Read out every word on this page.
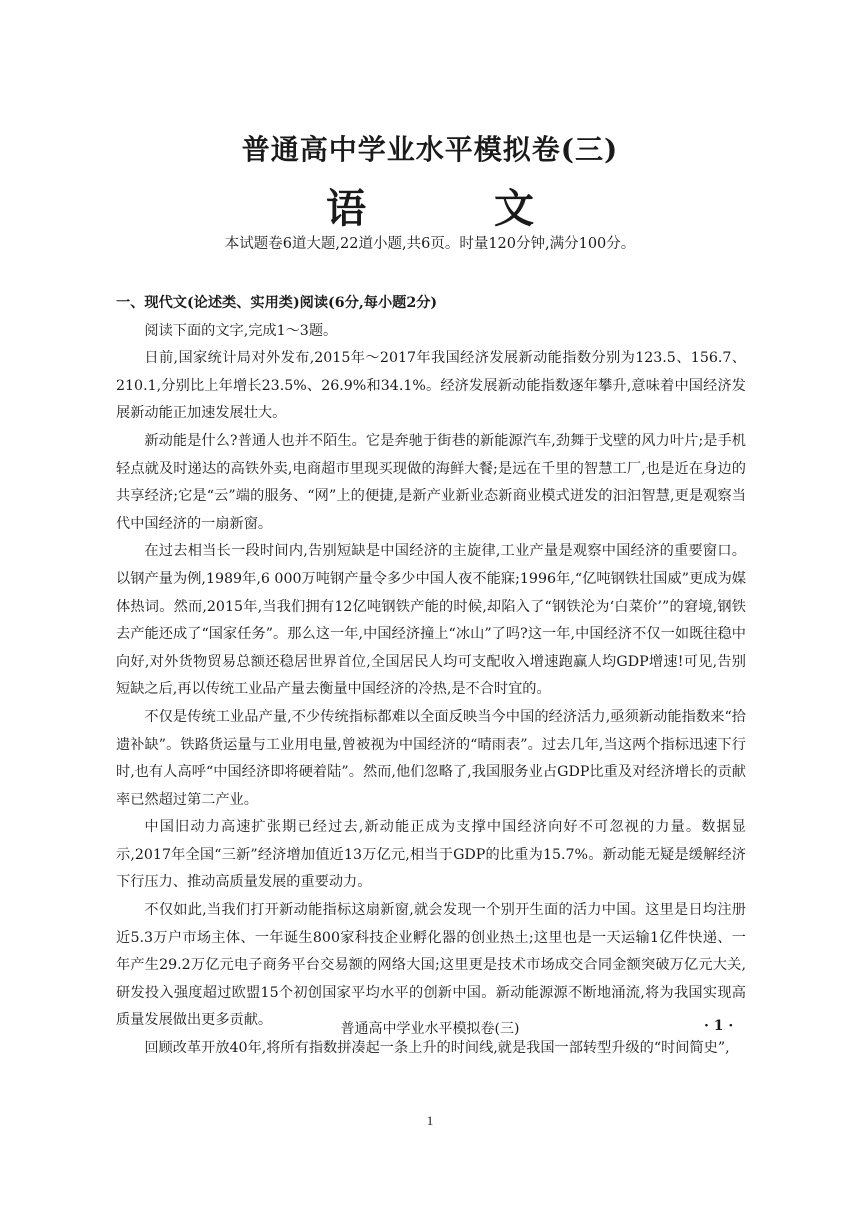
普通高中学业水平模拟卷(三)
语　文
本试题卷6道大题,22道小题,共6页。时量120分钟,满分100分。
一、现代文(论述类、实用类)阅读(6分,每小题2分)

阅读下面的文字,完成1～3题。

日前,国家统计局对外发布,2015年～2017年我国经济发展新动能指数分别为123.5、156.7、210.1,分别比上年增长23.5%、26.9%和34.1%。经济发展新动能指数逐年攀升,意味着中国经济发展新动能正加速发展壮大。

新动能是什么?普通人也并不陌生。它是奔驰于街巷的新能源汽车,劲舞于戈壁的风力叶片;是手机轻点就及时递达的高铁外卖,电商超市里现买现做的海鲜大餐;是远在千里的智慧工厂,也是近在身边的共享经济;它是“云”端的服务、“网”上的便捷,是新产业新业态新商业模式迸发的汩汩智慧,更是观察当代中国经济的一扇新窗。

在过去相当长一段时间内,告别短缺是中国经济的主旋律,工业产量是观察中国经济的重要窗口。以钢产量为例,1989年,6 000万吨钢产量令多少中国人夜不能寐;1996年,“亿吨钢铁壮国威”更成为媒体热词。然而,2015年,当我们拥有12亿吨钢铁产能的时候,却陷入了“钢铁沦为‘白菜价’”的窘境,钢铁去产能还成了“国家任务”。那么这一年,中国经济撞上“冰山”了吗?这一年,中国经济不仅一如既往稳中向好,对外货物贸易总额还稳居世界首位,全国居民人均可支配收入增速跑赢人均GDP增速!可见,告别短缺之后,再以传统工业品产量去衡量中国经济的冷热,是不合时宜的。

不仅是传统工业品产量,不少传统指标都难以全面反映当今中国的经济活力,亟须新动能指数来“拾遗补缺”。铁路货运量与工业用电量,曾被视为中国经济的“晴雨表”。过去几年,当这两个指标迅速下行时,也有人高呼“中国经济即将硬着陆”。然而,他们忽略了,我国服务业占GDP比重及对经济增长的贡献率已然超过第二产业。

中国旧动力高速扩张期已经过去,新动能正成为支撑中国经济向好不可忽视的力量。数据显示,2017年全国“三新”经济增加值近13万亿元,相当于GDP的比重为15.7%。新动能无疑是缓解经济下行压力、推动高质量发展的重要动力。

不仅如此,当我们打开新动能指标这扇新窗,就会发现一个别开生面的活力中国。这里是日均注册近5.3万户市场主体、一年诞生800家科技企业孵化器的创业热土;这里也是一天运输1亿件快递、一年产生29.2万亿元电子商务平台交易额的网络大国;这里更是技术市场成交合同金额突破万亿元大关,研发投入强度超过欧盟15个初创国家平均水平的创新中国。新动能源源不断地涌流,将为我国实现高质量发展做出更多贡献。

回顾改革开放40年,将所有指数拼凑起一条上升的时间线,就是我国一部转型升级的“时间简史”,

普通高中学业水平模拟卷(三)	· 1 ·
1
